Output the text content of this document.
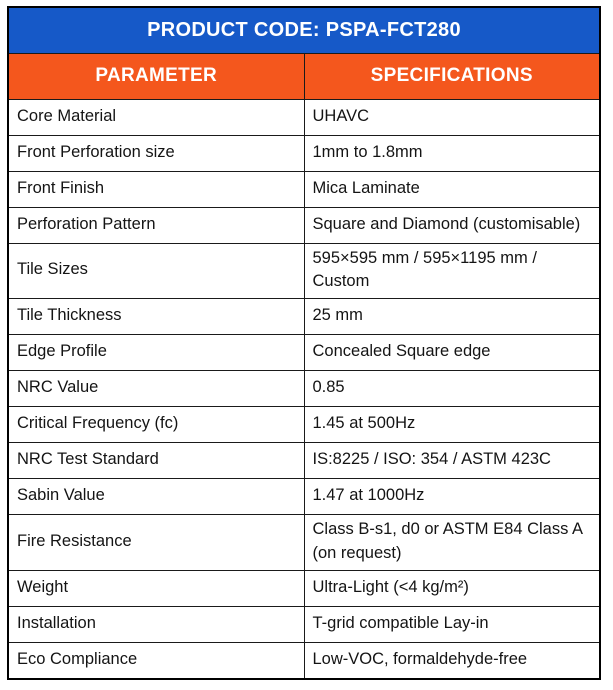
PRODUCT CODE: PSPA-FCT280	
PARAMETER	SPECIFICATIONS
Core Material	UHAVC
Front Perforation size	1mm to 1.8mm
Front Finish	Mica Laminate
Perforation Pattern	Square and Diamond (customisable)
Tile Sizes	595×595 mm / 595×1195 mm / Custom
Tile Thickness	25 mm
Edge Profile	Concealed Square edge
NRC Value	0.85
Critical Frequency (fc)	1.45 at 500Hz
NRC Test Standard	IS:8225 / ISO: 354 / ASTM 423C
Sabin Value	1.47 at 1000Hz
Fire Resistance	Class B-s1, d0 or ASTM E84 Class A (on request)
Weight	Ultra-Light (<4 kg/m²)
Installation	T-grid compatible Lay-in
Eco Compliance	Low-VOC, formaldehyde-free
